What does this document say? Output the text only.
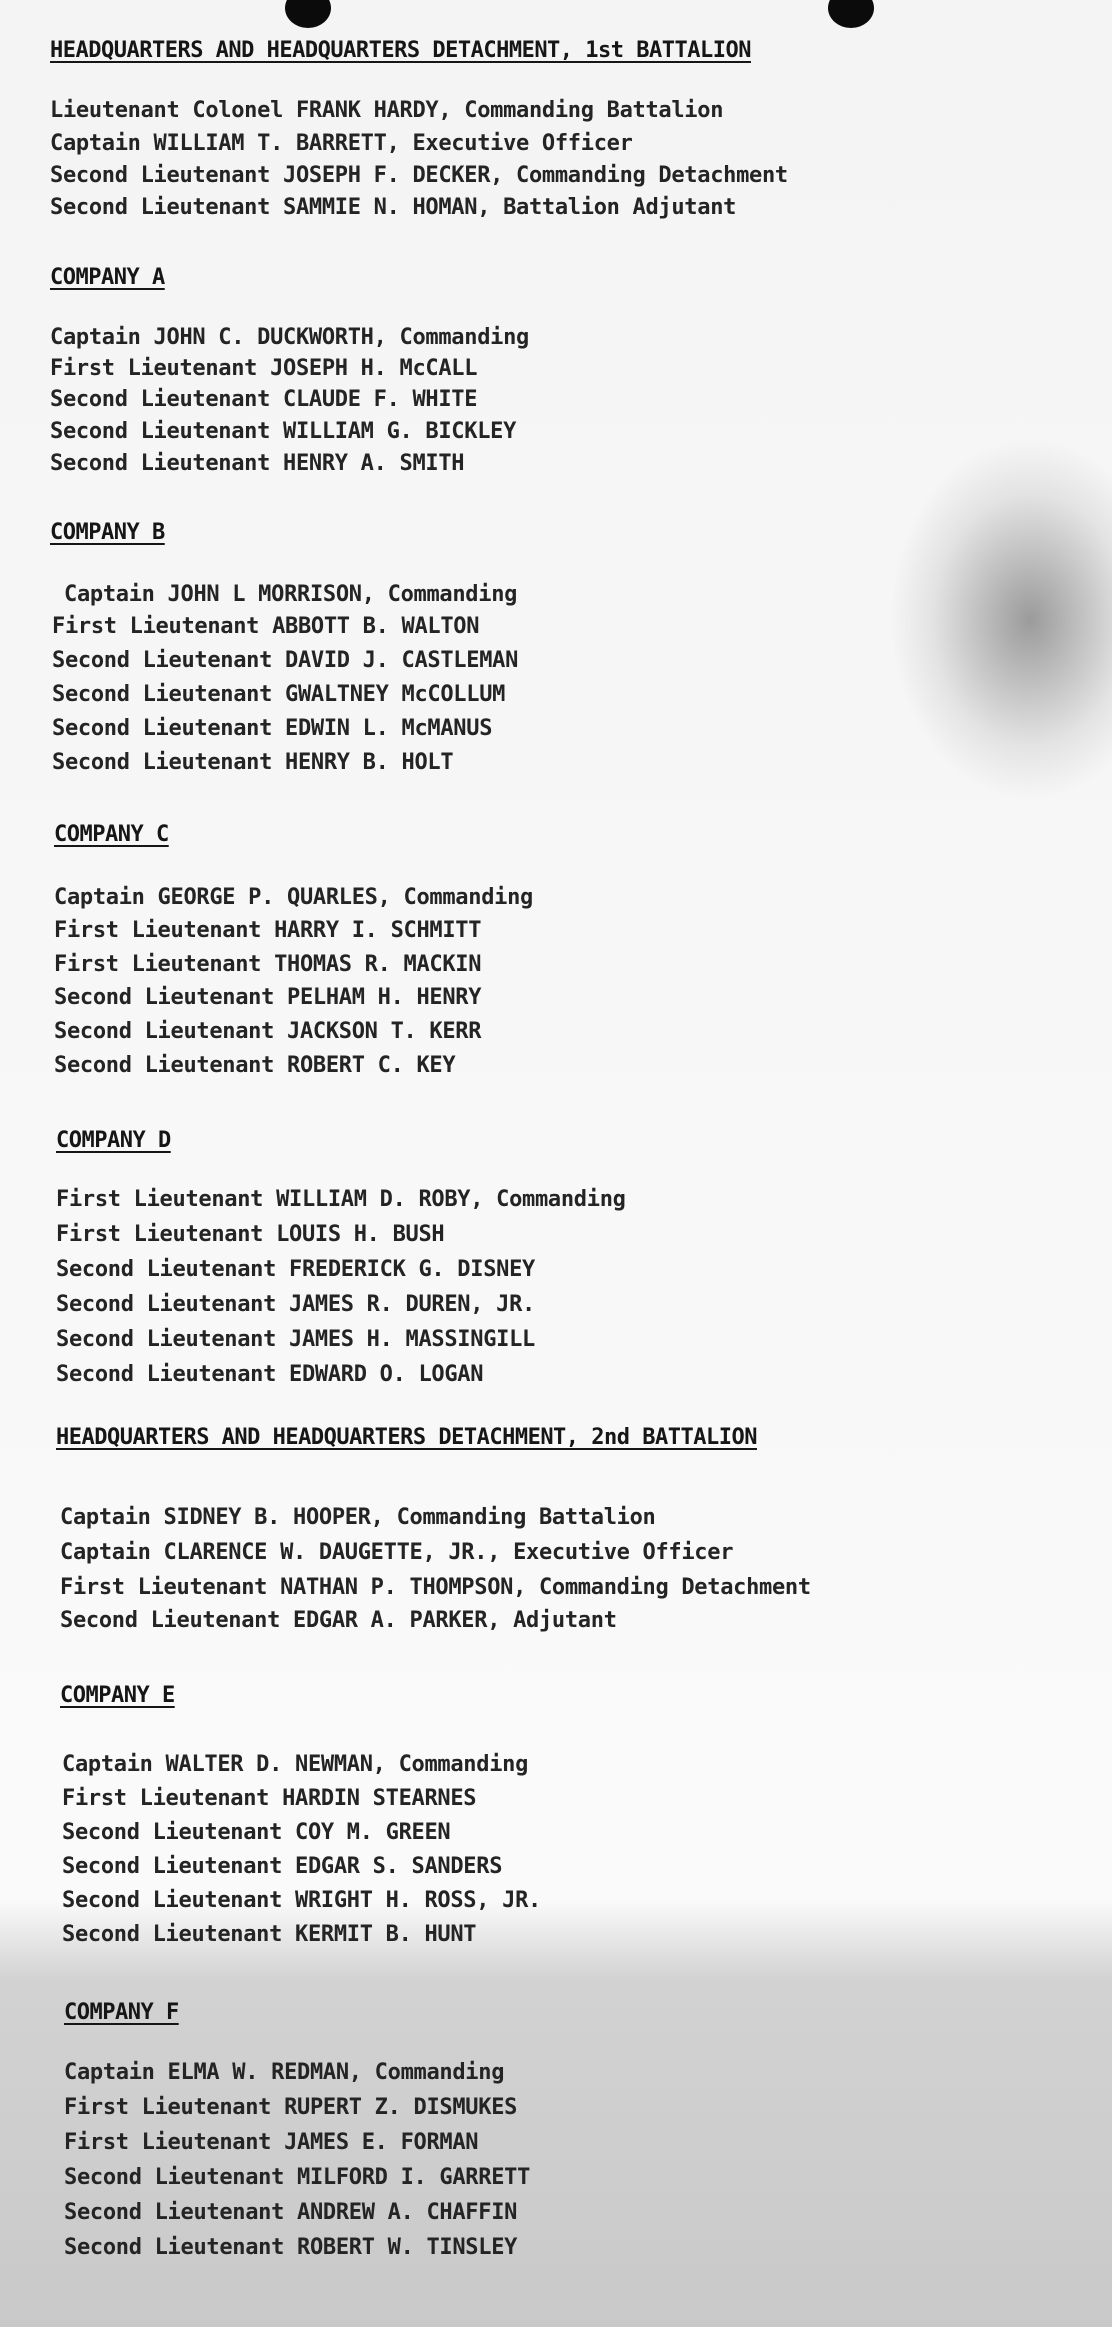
HEADQUARTERS AND HEADQUARTERS DETACHMENT, 1st BATTALION
Lieutenant Colonel FRANK HARDY, Commanding Battalion
Captain WILLIAM T. BARRETT, Executive Officer
Second Lieutenant JOSEPH F. DECKER, Commanding Detachment
Second Lieutenant SAMMIE N. HOMAN, Battalion Adjutant
COMPANY A
Captain JOHN C. DUCKWORTH, Commanding
First Lieutenant JOSEPH H. McCALL
Second Lieutenant CLAUDE F. WHITE
Second Lieutenant WILLIAM G. BICKLEY
Second Lieutenant HENRY A. SMITH
COMPANY B
Captain JOHN L MORRISON, Commanding
First Lieutenant ABBOTT B. WALTON
Second Lieutenant DAVID J. CASTLEMAN
Second Lieutenant GWALTNEY McCOLLUM
Second Lieutenant EDWIN L. McMANUS
Second Lieutenant HENRY B. HOLT
COMPANY C
Captain GEORGE P. QUARLES, Commanding
First Lieutenant HARRY I. SCHMITT
First Lieutenant THOMAS R. MACKIN
Second Lieutenant PELHAM H. HENRY
Second Lieutenant JACKSON T. KERR
Second Lieutenant ROBERT C. KEY
COMPANY D
First Lieutenant WILLIAM D. ROBY, Commanding
First Lieutenant LOUIS H. BUSH
Second Lieutenant FREDERICK G. DISNEY
Second Lieutenant JAMES R. DUREN, JR.
Second Lieutenant JAMES H. MASSINGILL
Second Lieutenant EDWARD O. LOGAN
HEADQUARTERS AND HEADQUARTERS DETACHMENT, 2nd BATTALION
Captain SIDNEY B. HOOPER, Commanding Battalion
Captain CLARENCE W. DAUGETTE, JR., Executive Officer
First Lieutenant NATHAN P. THOMPSON, Commanding Detachment
Second Lieutenant EDGAR A. PARKER, Adjutant
COMPANY E
Captain WALTER D. NEWMAN, Commanding
First Lieutenant HARDIN STEARNES
Second Lieutenant COY M. GREEN
Second Lieutenant EDGAR S. SANDERS
Second Lieutenant WRIGHT H. ROSS, JR.
Second Lieutenant KERMIT B. HUNT
COMPANY F
Captain ELMA W. REDMAN, Commanding
First Lieutenant RUPERT Z. DISMUKES
First Lieutenant JAMES E. FORMAN
Second Lieutenant MILFORD I. GARRETT
Second Lieutenant ANDREW A. CHAFFIN
Second Lieutenant ROBERT W. TINSLEY
